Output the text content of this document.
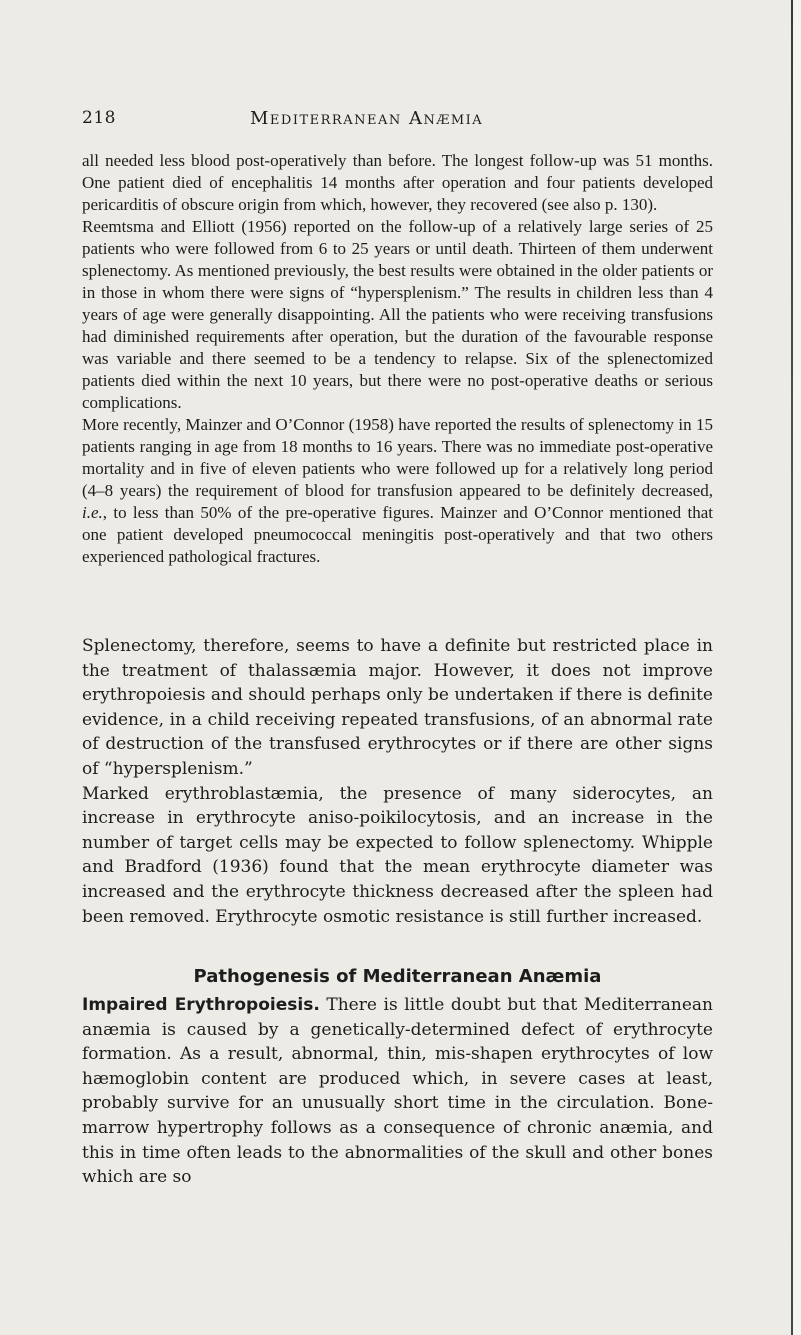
218	Mediterranean Anæmia

all needed less blood post-operatively than before. The longest follow-up was 51 months. One patient died of encephalitis 14 months after operation and four patients developed pericarditis of obscure origin from which, however, they recovered (see also p. 130).

Reemtsma and Elliott (1956) reported on the follow-up of a relatively large series of 25 patients who were followed from 6 to 25 years or until death. Thirteen of them underwent splenectomy. As mentioned previously, the best results were obtained in the older patients or in those in whom there were signs of “hypersplenism.” The results in children less than 4 years of age were generally disappointing. All the patients who were receiving transfusions had diminished requirements after operation, but the duration of the favourable response was variable and there seemed to be a tendency to relapse. Six of the splenectomized patients died within the next 10 years, but there were no post-operative deaths or serious complications.

More recently, Mainzer and O’Connor (1958) have reported the results of splenectomy in 15 patients ranging in age from 18 months to 16 years. There was no immediate post-operative mortality and in five of eleven patients who were followed up for a relatively long period (4–8 years) the requirement of blood for transfusion appeared to be definitely decreased, i.e., to less than 50% of the pre-operative figures. Mainzer and O’Connor mentioned that one patient developed pneumococcal meningitis post-operatively and that two others experienced pathological fractures.

Splenectomy, therefore, seems to have a definite but restricted place in the treatment of thalassæmia major. However, it does not improve erythropoiesis and should perhaps only be undertaken if there is definite evidence, in a child receiving repeated transfusions, of an abnormal rate of destruction of the transfused erythrocytes or if there are other signs of “hypersplenism.”

Marked erythroblastæmia, the presence of many siderocytes, an increase in erythrocyte aniso-poikilocytosis, and an increase in the number of target cells may be expected to follow splenectomy. Whipple and Bradford (1936) found that the mean erythrocyte diameter was increased and the erythrocyte thickness decreased after the spleen had been removed. Erythrocyte osmotic resistance is still further increased.

Pathogenesis of Mediterranean Anæmia

Impaired Erythropoiesis. There is little doubt but that Mediterranean anæmia is caused by a genetically-determined defect of erythrocyte formation. As a result, abnormal, thin, mis-shapen erythrocytes of low hæmoglobin content are produced which, in severe cases at least, probably survive for an unusually short time in the circulation. Bone-marrow hypertrophy follows as a consequence of chronic anæmia, and this in time often leads to the abnormalities of the skull and other bones which are so
